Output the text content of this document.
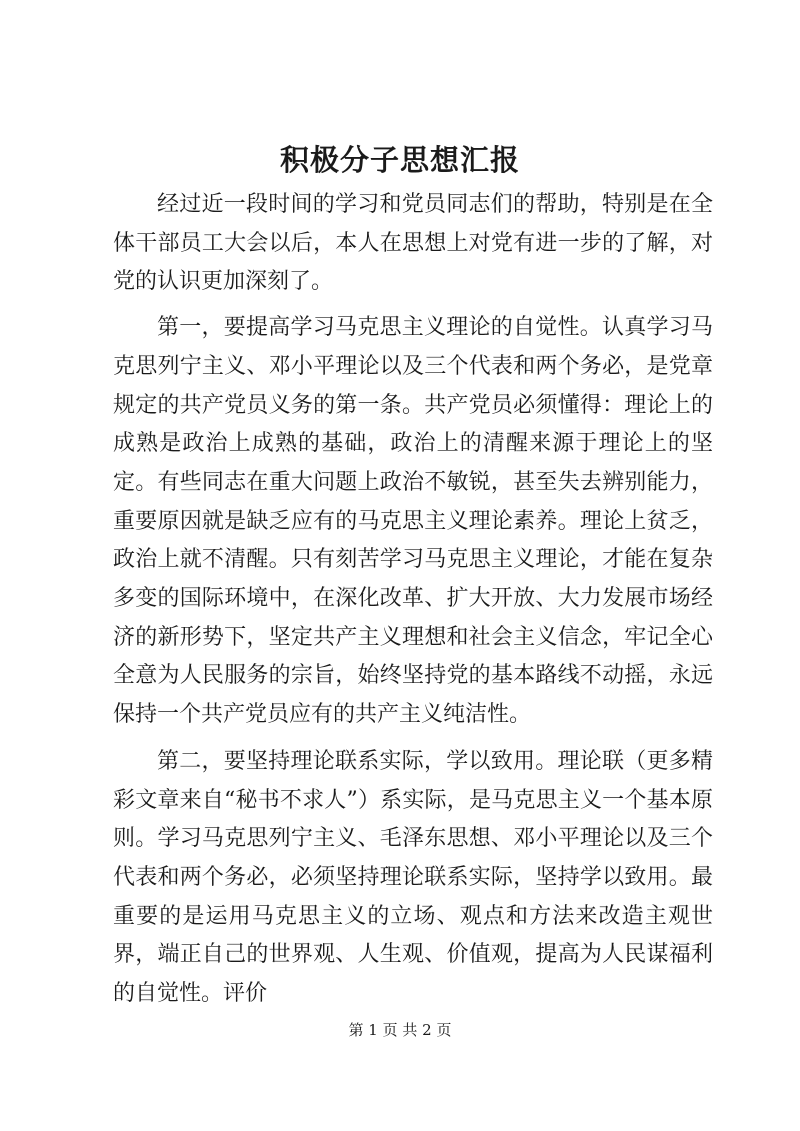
积极分子思想汇报

经过近一段时间的学习和党员同志们的帮助，特别是在全体干部员工大会以后，本人在思想上对党有进一步的了解，对党的认识更加深刻了。

第一，要提高学习马克思主义理论的自觉性。认真学习马克思列宁主义、邓小平理论以及三个代表和两个务必，是党章规定的共产党员义务的第一条。共产党员必须懂得：理论上的成熟是政治上成熟的基础，政治上的清醒来源于理论上的坚定。有些同志在重大问题上政治不敏锐，甚至失去辨别能力，重要原因就是缺乏应有的马克思主义理论素养。理论上贫乏，政治上就不清醒。只有刻苦学习马克思主义理论，才能在复杂多变的国际环境中，在深化改革、扩大开放、大力发展市场经济的新形势下，坚定共产主义理想和社会主义信念，牢记全心全意为人民服务的宗旨，始终坚持党的基本路线不动摇，永远保持一个共产党员应有的共产主义纯洁性。

第二，要坚持理论联系实际，学以致用。理论联（更多精彩文章来自“秘书不求人”）系实际，是马克思主义一个基本原则。学习马克思列宁主义、毛泽东思想、邓小平理论以及三个代表和两个务必，必须坚持理论联系实际，坚持学以致用。最重要的是运用马克思主义的立场、观点和方法来改造主观世界，端正自己的世界观、人生观、价值观，提高为人民谋福利的自觉性。评价

第 1 页 共 2 页
